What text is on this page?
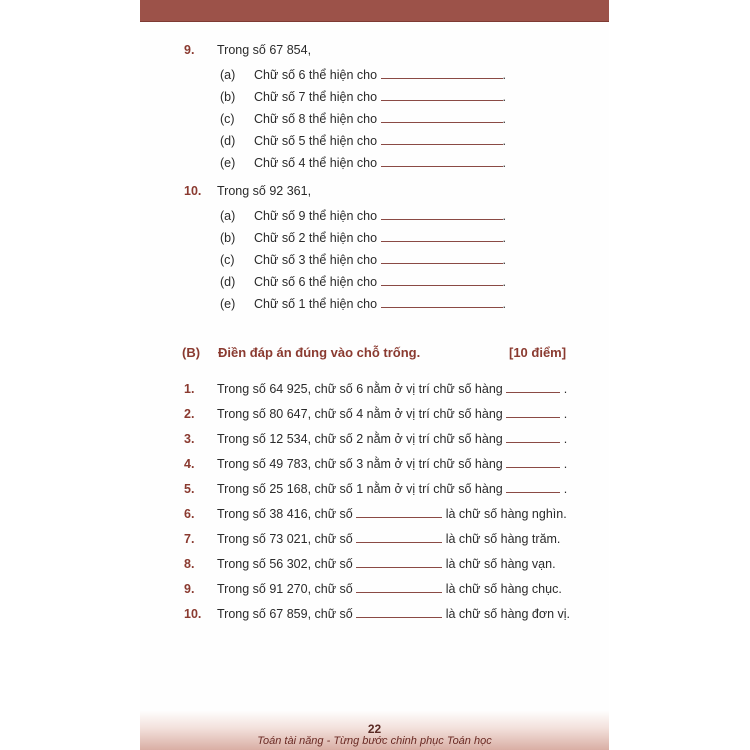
9. Trong số 67 854,
(a) Chữ số 6 thể hiện cho	.
(b) Chữ số 7 thể hiện cho	.
(c) Chữ số 8 thể hiện cho	.
(d) Chữ số 5 thể hiện cho	.
(e) Chữ số 4 thể hiện cho	.
10. Trong số 92 361,
(a) Chữ số 9 thể hiện cho	.
(b) Chữ số 2 thể hiện cho	.
(c) Chữ số 3 thể hiện cho	.
(d) Chữ số 6 thể hiện cho	.
(e) Chữ số 1 thể hiện cho	.
(B) Điền đáp án đúng vào chỗ trống.	[10 điểm]
1. Trong số 64 925, chữ số 6 nằm ở vị trí chữ số hàng	.
2. Trong số 80 647, chữ số 4 nằm ở vị trí chữ số hàng	.
3. Trong số 12 534, chữ số 2 nằm ở vị trí chữ số hàng	.
4. Trong số 49 783, chữ số 3 nằm ở vị trí chữ số hàng	.
5. Trong số 25 168, chữ số 1 nằm ở vị trí chữ số hàng	.
6. Trong số 38 416, chữ số	là chữ số hàng nghìn.
7. Trong số 73 021, chữ số	là chữ số hàng trăm.
8. Trong số 56 302, chữ số	là chữ số hàng vạn.
9. Trong số 91 270, chữ số	là chữ số hàng chục.
10. Trong số 67 859, chữ số	là chữ số hàng đơn vị.
22
Toán tài năng - Từng bước chinh phục Toán học
